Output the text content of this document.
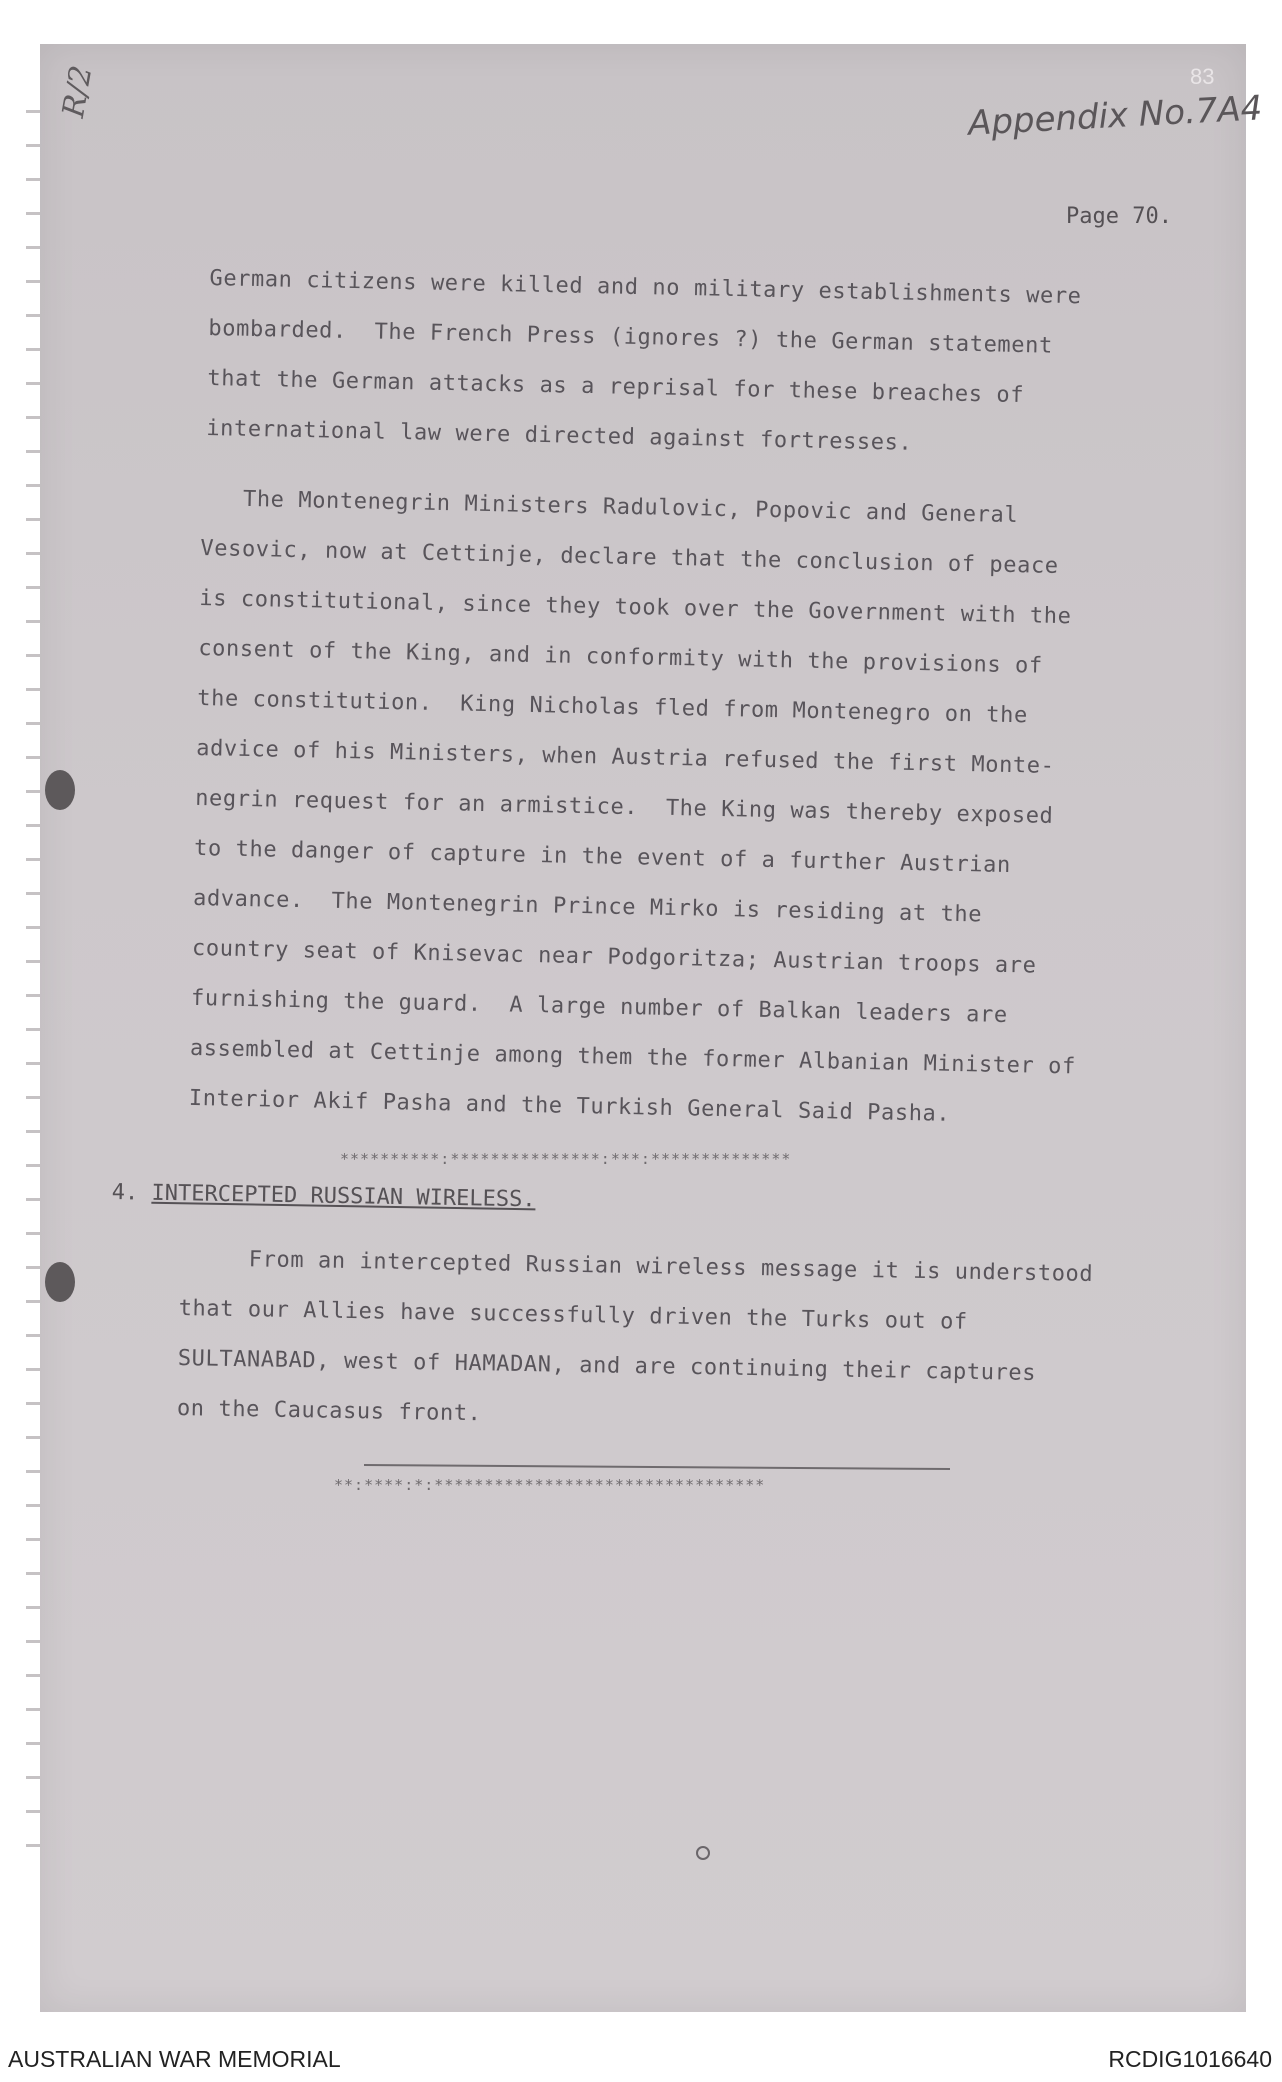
R/2	83
Appendix No.7A4
Page 70.
German citizens were killed and no military establishments were
bombarded.  The French Press (ignores ?) the German statement
that the German attacks as a reprisal for these breaches of
international law were directed against fortresses.
The Montenegrin Ministers Radulovic, Popovic and General
Vesovic, now at Cettinje, declare that the conclusion of peace
is constitutional, since they took over the Government with the
consent of the King, and in conformity with the provisions of
the constitution.  King Nicholas fled from Montenegro on the
advice of his Ministers, when Austria refused the first Monte-
negrin request for an armistice.  The King was thereby exposed
to the danger of capture in the event of a further Austrian
advance.  The Montenegrin Prince Mirko is residing at the
country seat of Knisevac near Podgoritza; Austrian troops are
furnishing the guard.  A large number of Balkan leaders are
assembled at Cettinje among them the former Albanian Minister of
Interior Akif Pasha and the Turkish General Said Pasha.
**********:***************:***:**************
4. INTERCEPTED RUSSIAN WIRELESS.
From an intercepted Russian wireless message it is understood
that our Allies have successfully driven the Turks out of
SULTANABAD, west of HAMADAN, and are continuing their captures
on the Caucasus front.
**:****:*:*********************************
AUSTRALIAN WAR MEMORIAL	RCDIG1016640
